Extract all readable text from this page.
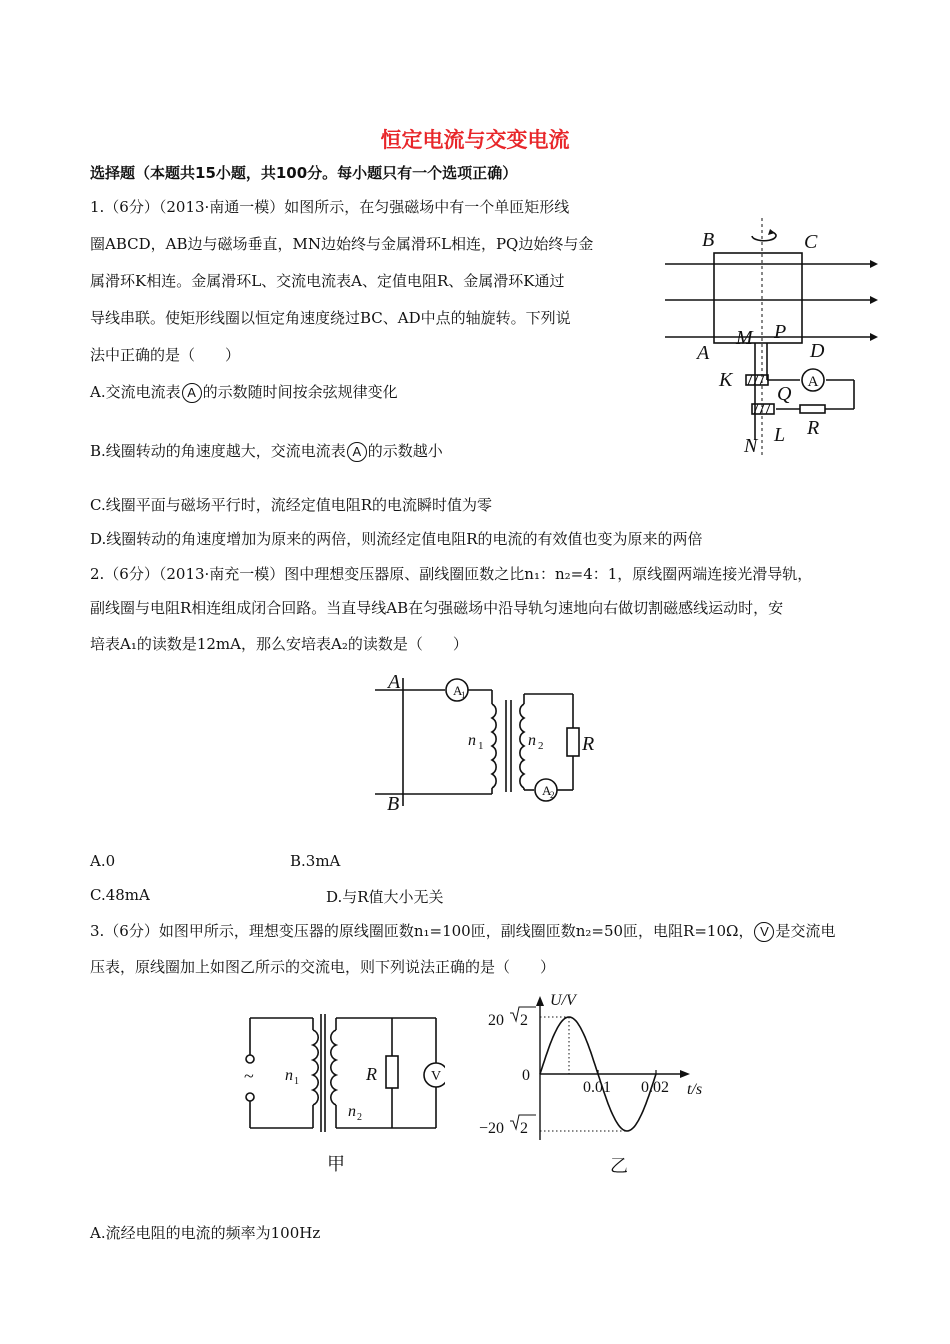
恒定电流与交变电流
选择题（本题共15小题，共100分。每小题只有一个选项正确）
1.（6分）（2013·南通一模）如图所示，在匀强磁场中有一个单匝矩形线
圈ABCD，AB边与磁场垂直，MN边始终与金属滑环L相连，PQ边始终与金
属滑环K相连。金属滑环L、交流电流表A、定值电阻R、金属滑环K通过
导线串联。使矩形线圈以恒定角速度绕过BC、AD中点的轴旋转。下列说
法中正确的是（　　）
A.交流电流表 A 的示数随时间按余弦规律变化
B.线圈转动的角速度越大，交流电流表 A 的示数越小
C.线圈平面与磁场平行时，流经定值电阻R的电流瞬时值为零
D.线圈转动的角速度增加为原来的两倍，则流经定值电阻R的电流的有效值也变为原来的两倍
B	C
A	D
M P
K
Q
L
N
R
A
2.（6分）（2013·南充一模）图中理想变压器原、副线圈匝数之比n₁：n₂=4：1，原线圈两端连接光滑导轨，
副线圈与电阻R相连组成闭合回路。当直导线AB在匀强磁场中沿导轨匀速地向右做切割磁感线运动时，安
培表A₁的读数是12mA，那么安培表A₂的读数是（　　）
A
B
R
n 1	n 2
A
1
A
2
A.0	B.3mA
C.48mA	D.与R值大小无关
3.（6分）如图甲所示，理想变压器的原线圈匝数n₁=100匝，副线圈匝数n₂=50匝，电阻R=10Ω， V 是交流电
压表，原线圈加上如图乙所示的交流电，则下列说法正确的是（　　）
~ n 1
n 2
R	V
甲
U/V
t/s
0
0.01 0.02
20 2
−20 2
乙
A.流经电阻的电流的频率为100Hz
